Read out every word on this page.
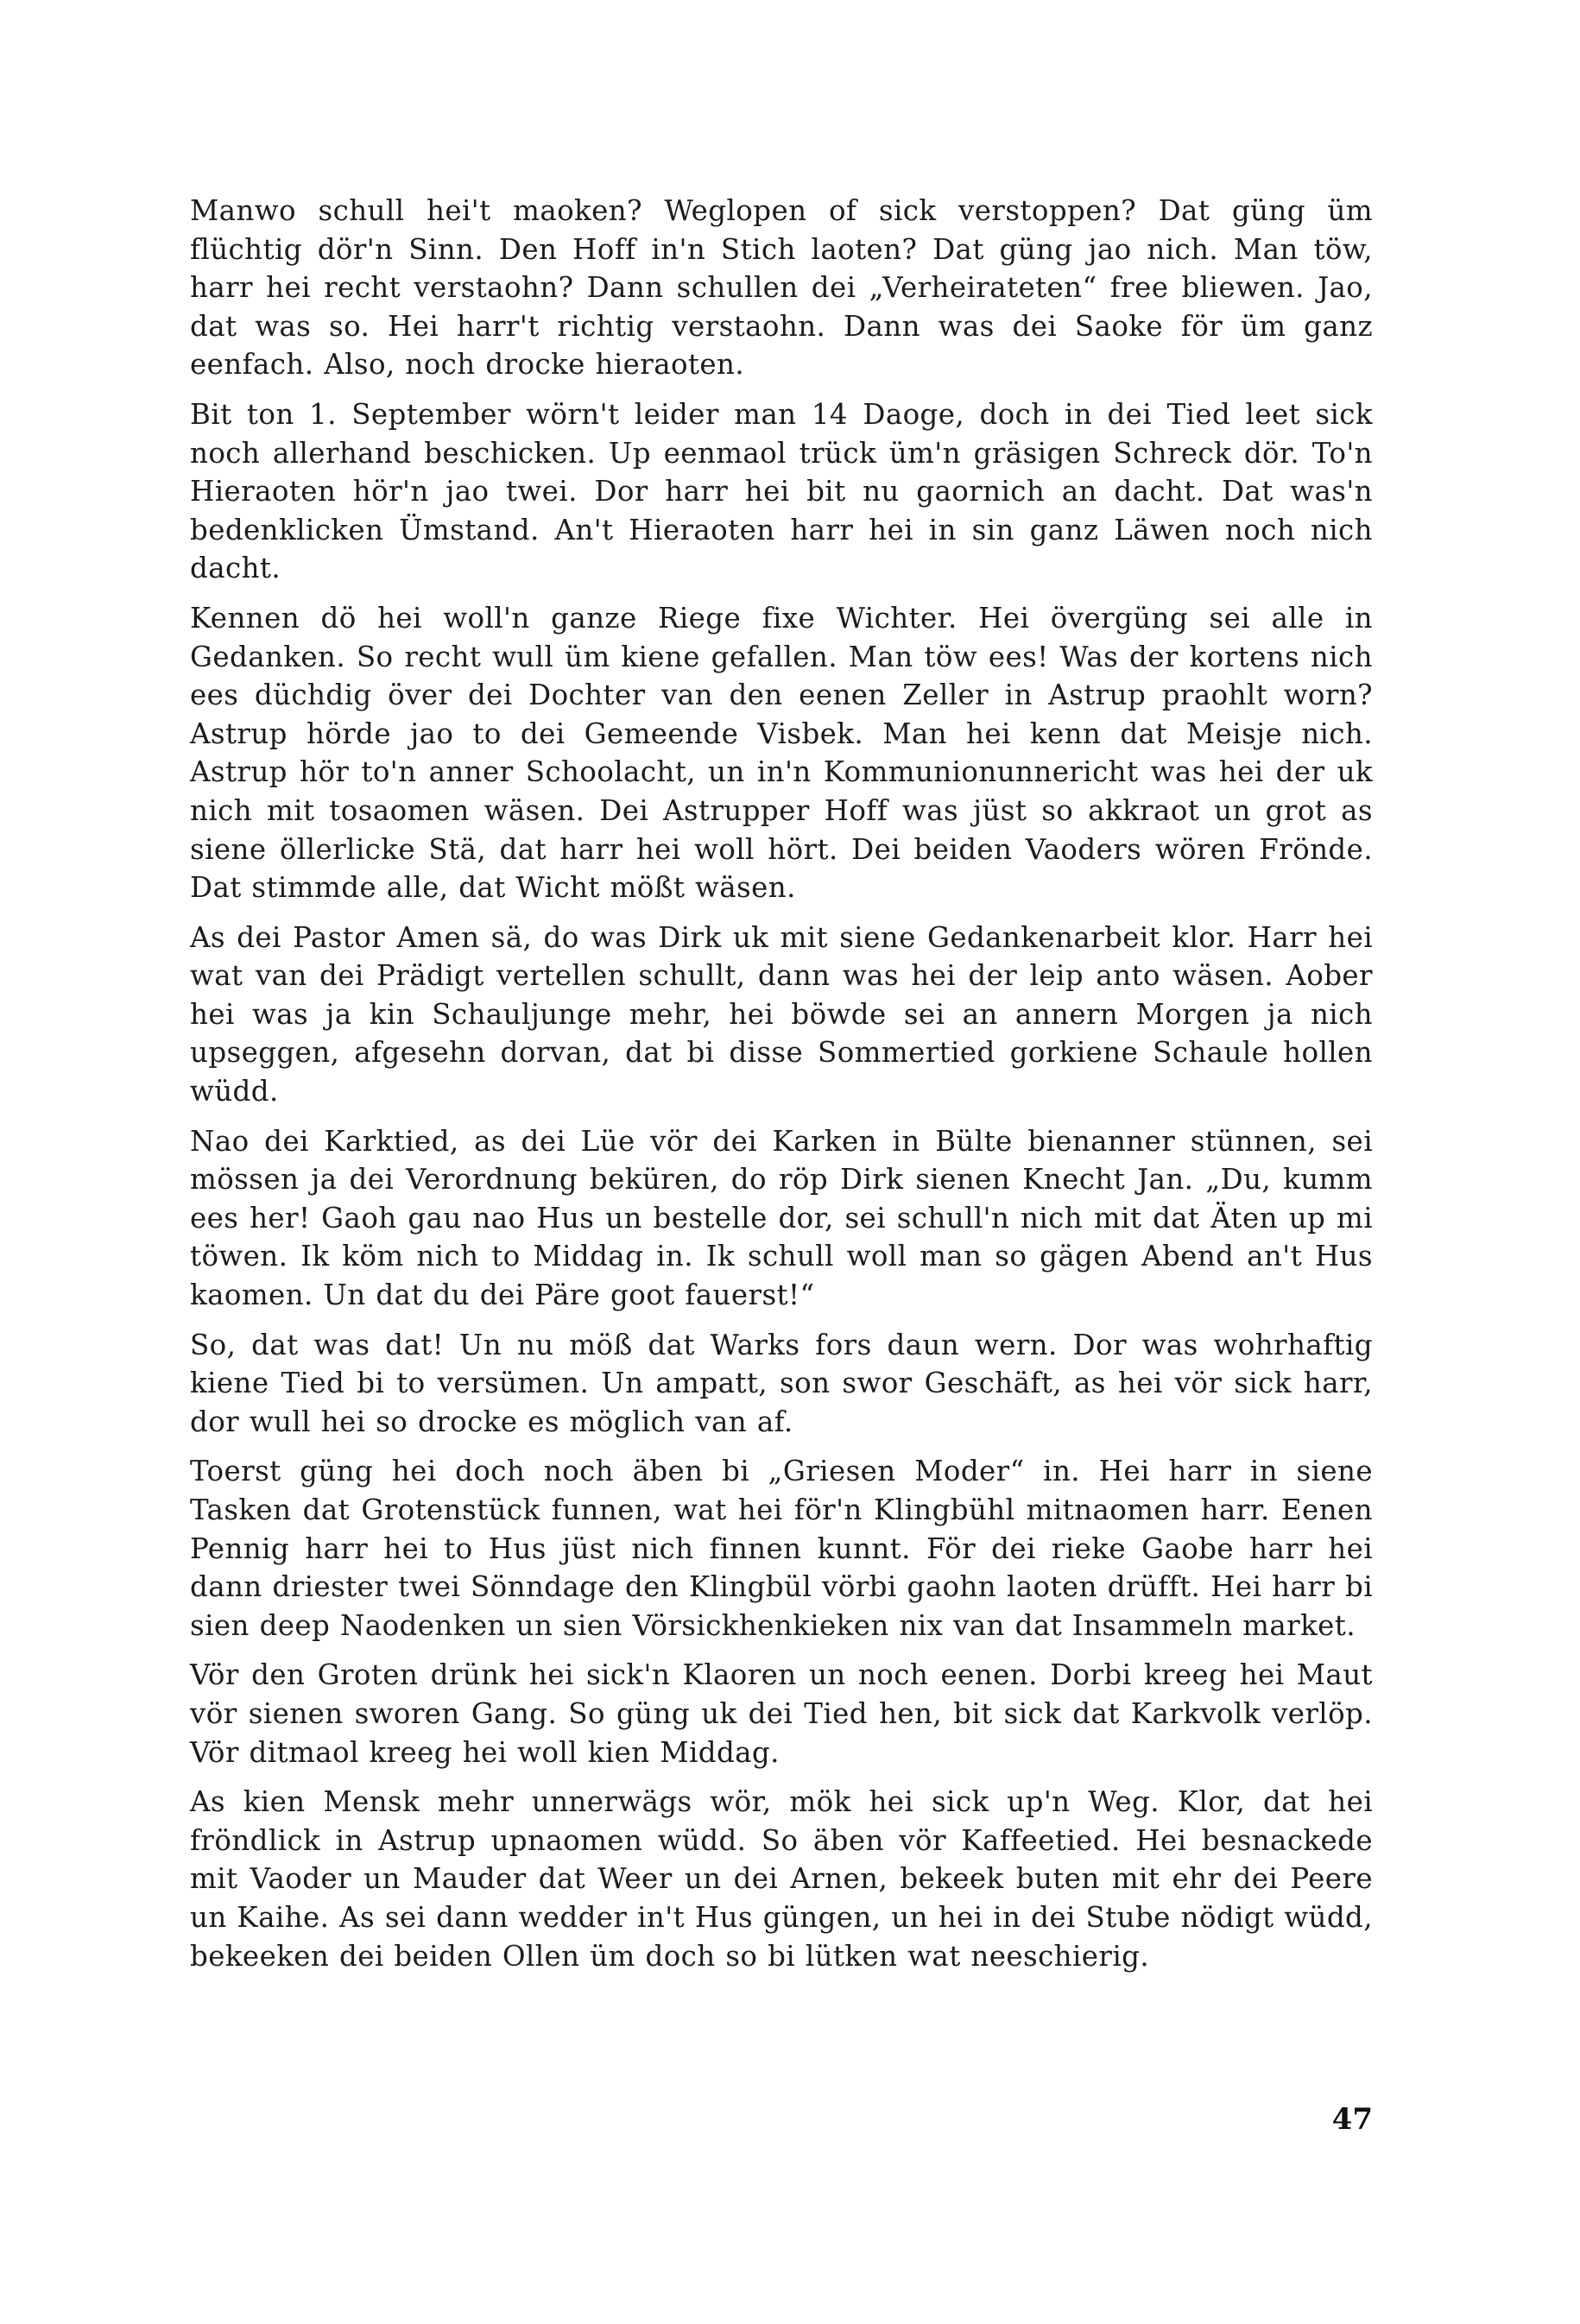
Manwo schull hei't maoken? Weglopen of sick verstoppen? Dat güng üm flüchtig dör'n Sinn. Den Hoff in'n Stich laoten? Dat güng jao nich. Man töw, harr hei recht verstaohn? Dann schullen dei „Verheirateten“ free bliewen. Jao, dat was so. Hei harr't richtig verstaohn. Dann was dei Saoke för üm ganz eenfach. Also, noch drocke hieraoten.

Bit ton 1. September wörn't leider man 14 Daoge, doch in dei Tied leet sick noch allerhand beschicken. Up eenmaol trück üm'n gräsigen Schreck dör. To'n Hieraoten hör'n jao twei. Dor harr hei bit nu gaornich an dacht. Dat was'n bedenklicken Ümstand. An't Hieraoten harr hei in sin ganz Läwen noch nich dacht.

Kennen dö hei woll'n ganze Riege fixe Wichter. Hei övergüng sei alle in Gedanken. So recht wull üm kiene gefallen. Man töw ees! Was der kortens nich ees düchdig över dei Dochter van den eenen Zeller in Astrup praohlt worn? Astrup hörde jao to dei Gemeende Visbek. Man hei kenn dat Meisje nich. Astrup hör to'n anner Schoolacht, un in'n Kommunionunnericht was hei der uk nich mit tosaomen wäsen. Dei Astrupper Hoff was jüst so akkraot un grot as siene öllerlicke Stä, dat harr hei woll hört. Dei beiden Vaoders wören Frönde. Dat stimmde alle, dat Wicht mößt wäsen.

As dei Pastor Amen sä, do was Dirk uk mit siene Gedankenarbeit klor. Harr hei wat van dei Prädigt vertellen schullt, dann was hei der leip anto wäsen. Aober hei was ja kin Schauljunge mehr, hei böwde sei an annern Morgen ja nich upseggen, afgesehn dorvan, dat bi disse Sommertied gorkiene Schaule hollen wüdd.

Nao dei Karktied, as dei Lüe vör dei Karken in Bülte bienanner stünnen, sei mössen ja dei Verordnung beküren, do röp Dirk sienen Knecht Jan. „Du, kumm ees her! Gaoh gau nao Hus un bestelle dor, sei schull'n nich mit dat Äten up mi töwen. Ik köm nich to Middag in. Ik schull woll man so gägen Abend an't Hus kaomen. Un dat du dei Päre goot fauerst!“

So, dat was dat! Un nu möß dat Warks fors daun wern. Dor was wohrhaftig kiene Tied bi to versümen. Un ampatt, son swor Geschäft, as hei vör sick harr, dor wull hei so drocke es möglich van af.

Toerst güng hei doch noch äben bi „Griesen Moder“ in. Hei harr in siene Tasken dat Grotenstück funnen, wat hei för'n Klingbühl mitnaomen harr. Eenen Pennig harr hei to Hus jüst nich finnen kunnt. För dei rieke Gaobe harr hei dann driester twei Sönndage den Klingbül vörbi gaohn laoten drüfft. Hei harr bi sien deep Naodenken un sien Vörsickhenkieken nix van dat Insammeln market.

Vör den Groten drünk hei sick'n Klaoren un noch eenen. Dorbi kreeg hei Maut vör sienen sworen Gang. So güng uk dei Tied hen, bit sick dat Karkvolk verlöp. Vör ditmaol kreeg hei woll kien Middag.

As kien Mensk mehr unnerwägs wör, mök hei sick up'n Weg. Klor, dat hei fröndlick in Astrup upnaomen wüdd. So äben vör Kaffeetied. Hei besnackede mit Vaoder un Mauder dat Weer un dei Arnen, bekeek buten mit ehr dei Peere un Kaihe. As sei dann wedder in't Hus güngen, un hei in dei Stube nödigt wüdd, bekeeken dei beiden Ollen üm doch so bi lütken wat neeschierig.

47
